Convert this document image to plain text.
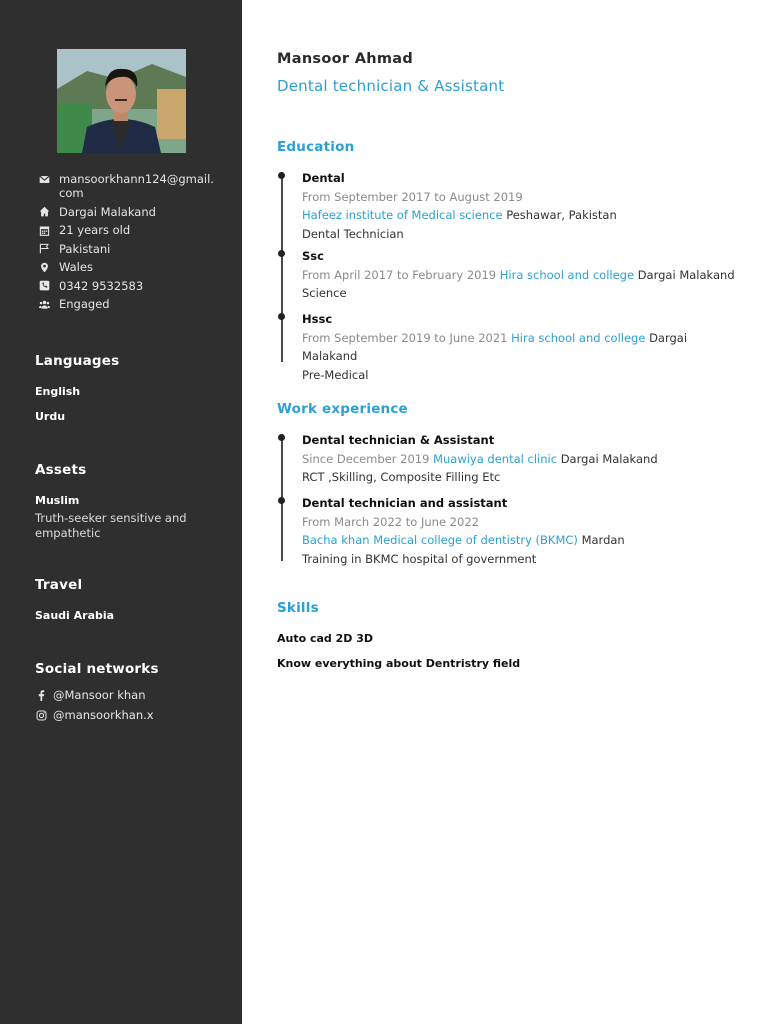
mansoorkhann124@gmail.
com
Dargai Malakand
21 years old
Pakistani
Wales
0342 9532583
Engaged
Languages
English
Urdu
Assets
Muslim
Truth-seeker sensitive and empathetic
Travel
Saudi Arabia
Social networks
@Mansoor khan
@mansoorkhan.x
Mansoor Ahmad
Dental technician & Assistant
Education
Dental
From September 2017 to August 2019
Hafeez institute of Medical science Peshawar, Pakistan
Dental Technician
Ssc
From April 2017 to February 2019 Hira school and college Dargai Malakand
Science
Hssc
From September 2019 to June 2021 Hira school and college Dargai Malakand
Pre-Medical
Work experience
Dental technician & Assistant
Since December 2019 Muawiya dental clinic Dargai Malakand
RCT ,Skilling, Composite Filling Etc
Dental technician and assistant
From March 2022 to June 2022
Bacha khan Medical college of dentistry (BKMC) Mardan
Training in BKMC hospital of government
Skills
Auto cad 2D 3D
Know everything about Dentristry field
